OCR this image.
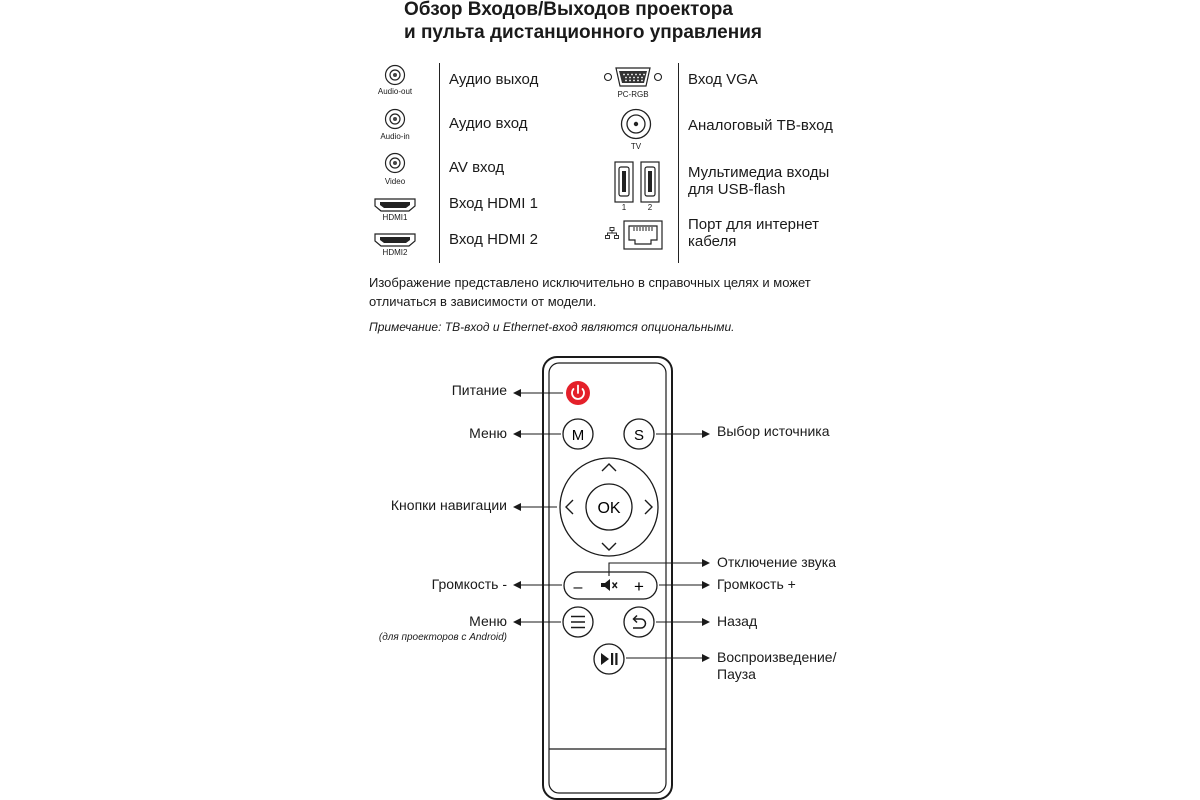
Обзор Входов/Выходов проектора
и пульта дистанционного управления
Audio-out
Аудио выход
Audio-in
Аудио вход
Video
AV вход
HDMI1
Вход HDMI 1
HDMI2
Вход HDMI 2
PC-RGB
Вход VGA
TV
Аналоговый ТВ-вход
1	2
Мультимедиа входы
для USB-flash
Порт для интернет
кабеля
Изображение представлено исключительно в справочных целях и может
отличаться в зависимости от модели.
Примечание: ТВ-вход и Ethernet-вход являются опциональными.
M	S
OK
–	+
Питание
Меню	Выбор источника
Кнопки навигации
Отключение звука
Громкость -	Громкость +
Меню
(для проекторов с Android)
Назад
Воспроизведение/
Пауза
